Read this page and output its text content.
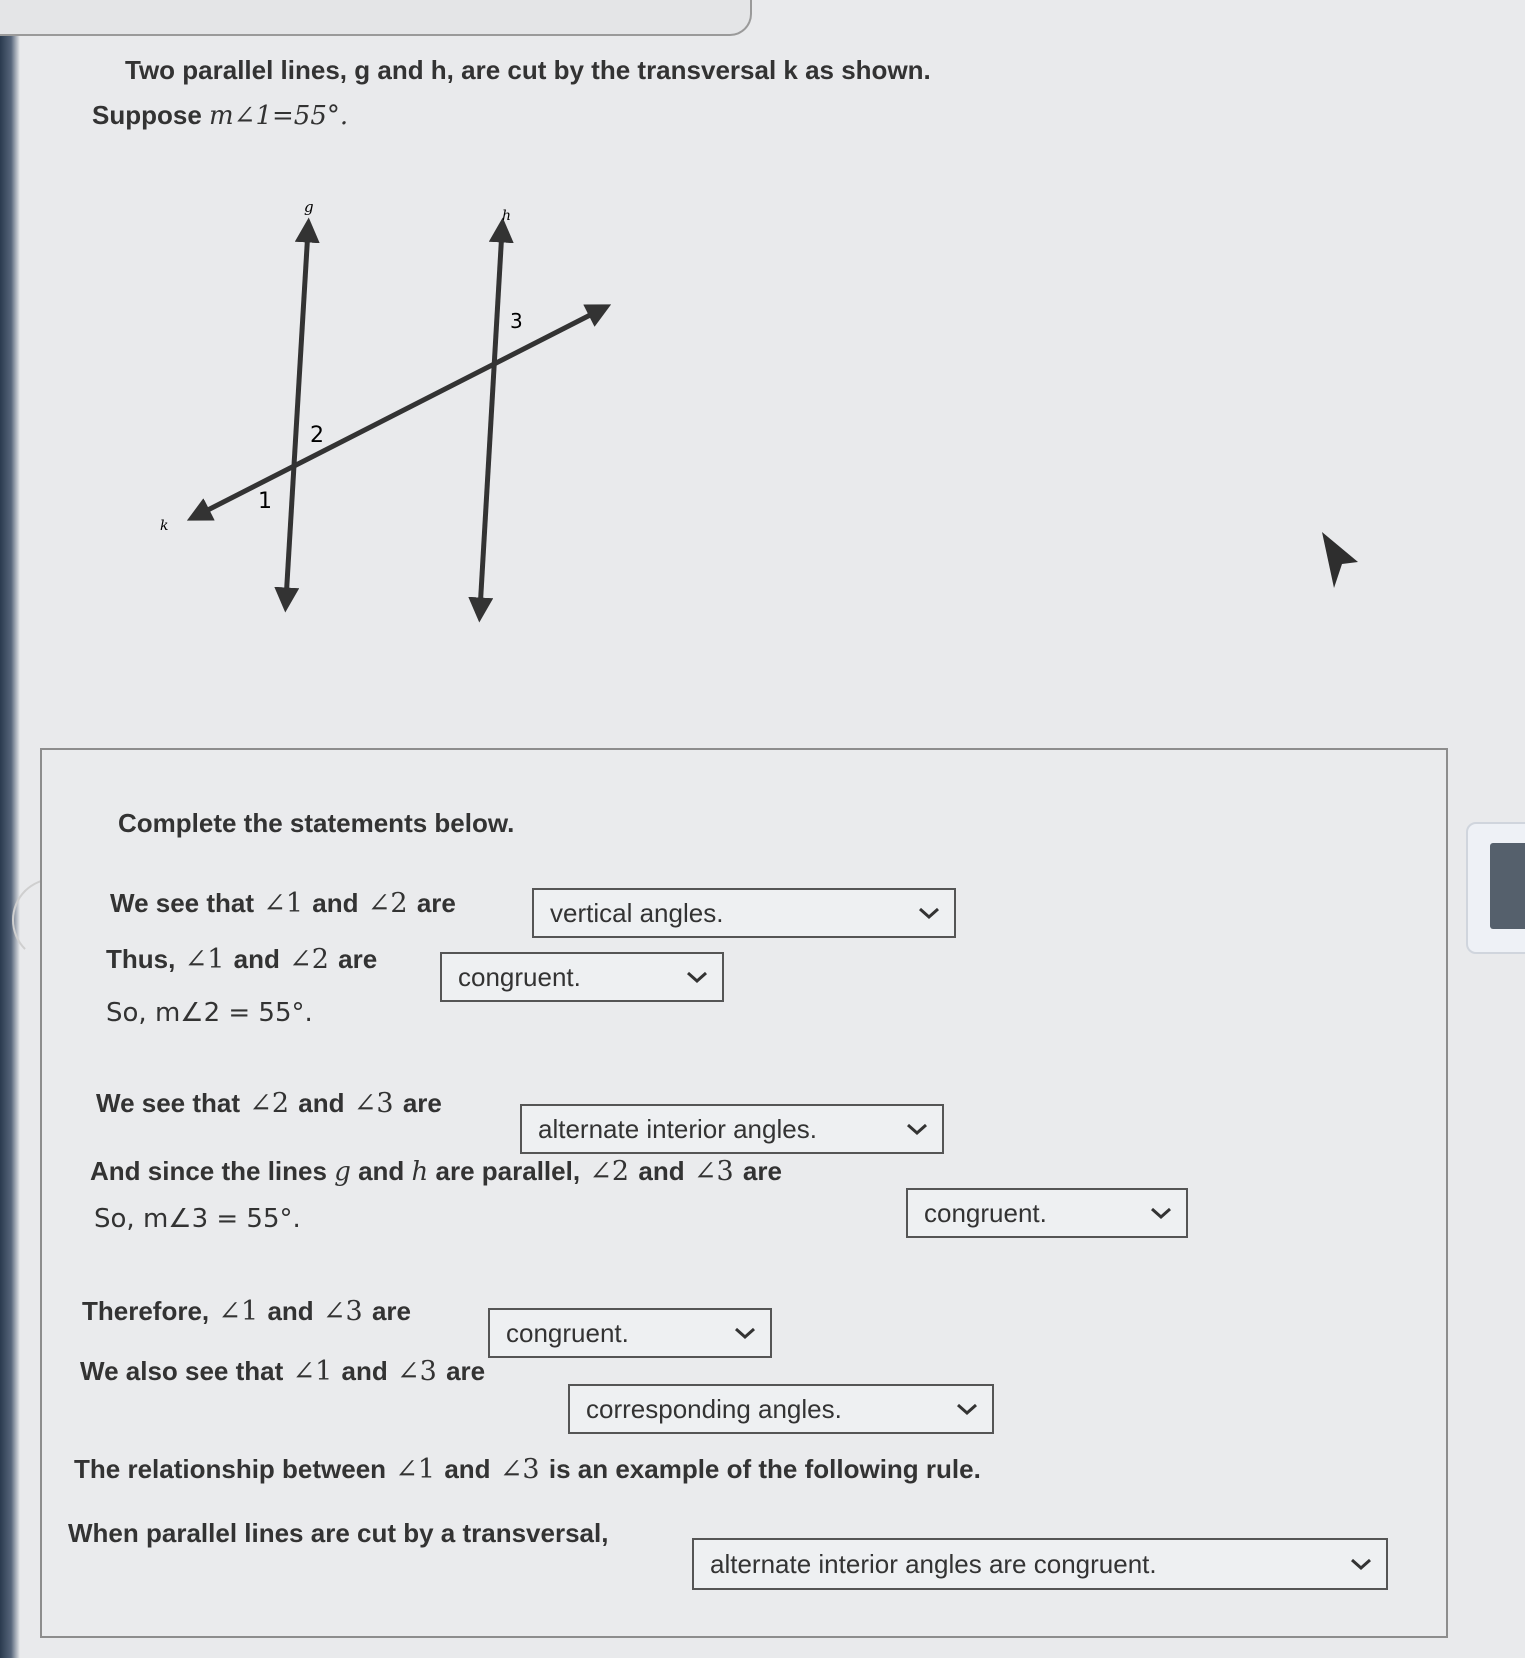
Two parallel lines, g and h, are cut by the transversal k as shown.
Suppose m∠1=55°.
g	h
k
1
2
3
Complete the statements below.
We see that ∠1 and ∠2 are	vertical angles.
Thus, ∠1 and ∠2 are
congruent.
So, m∠2 = 55°.
We see that ∠2 and ∠3 are
alternate interior angles.
And since the lines g and h are parallel, ∠2 and ∠3 are
congruent.
So, m∠3 = 55°.
Therefore, ∠1 and ∠3 are
congruent.
We also see that ∠1 and ∠3 are
corresponding angles.
The relationship between ∠1 and ∠3 is an example of the following rule.
When parallel lines are cut by a transversal,
alternate interior angles are congruent.
